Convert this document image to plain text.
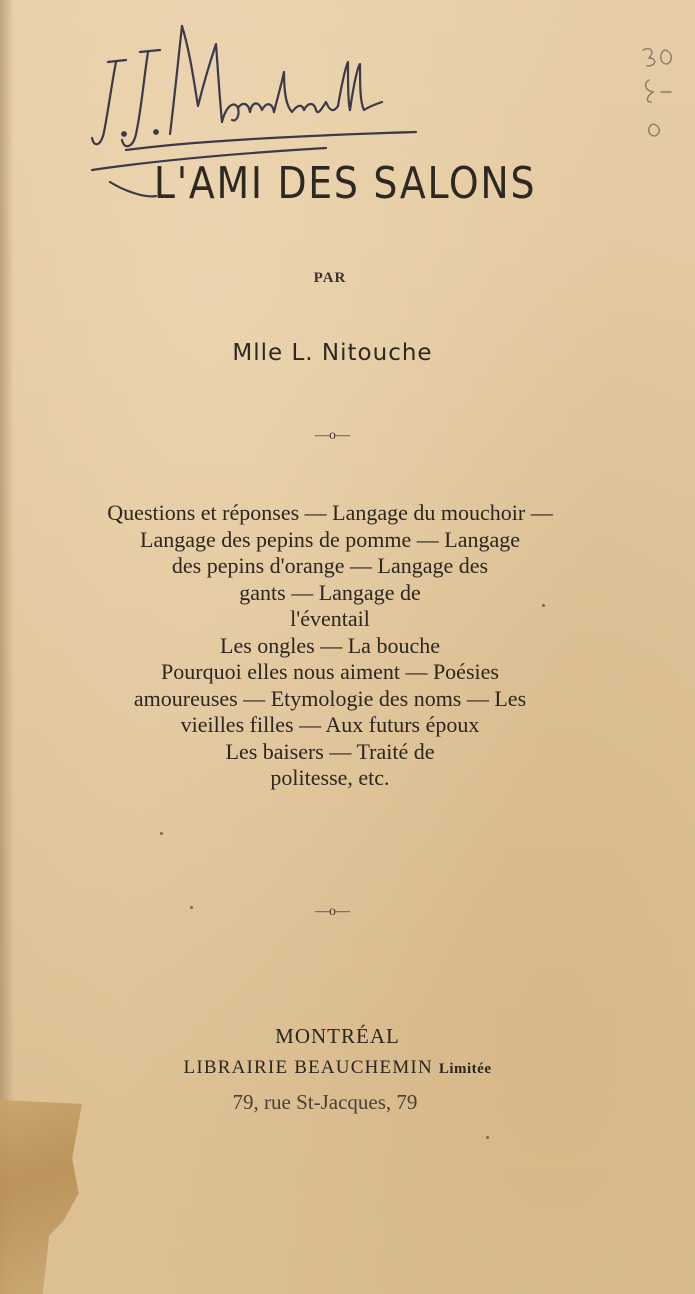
L'AMI DES SALONS
PAR
Mlle L. Nitouche
—o—
Questions et réponses — Langage du mouchoir —
Langage des pepins de pomme — Langage
des pepins d'orange — Langage des
gants — Langage de
l'éventail
Les ongles — La bouche
Pourquoi elles nous aiment — Poésies
amoureuses — Etymologie des noms — Les
vieilles filles — Aux futurs époux
Les baisers — Traité de
politesse, etc.
—o—
MONTRÉAL
LIBRAIRIE BEAUCHEMIN Limitée
79, rue St-Jacques, 79
